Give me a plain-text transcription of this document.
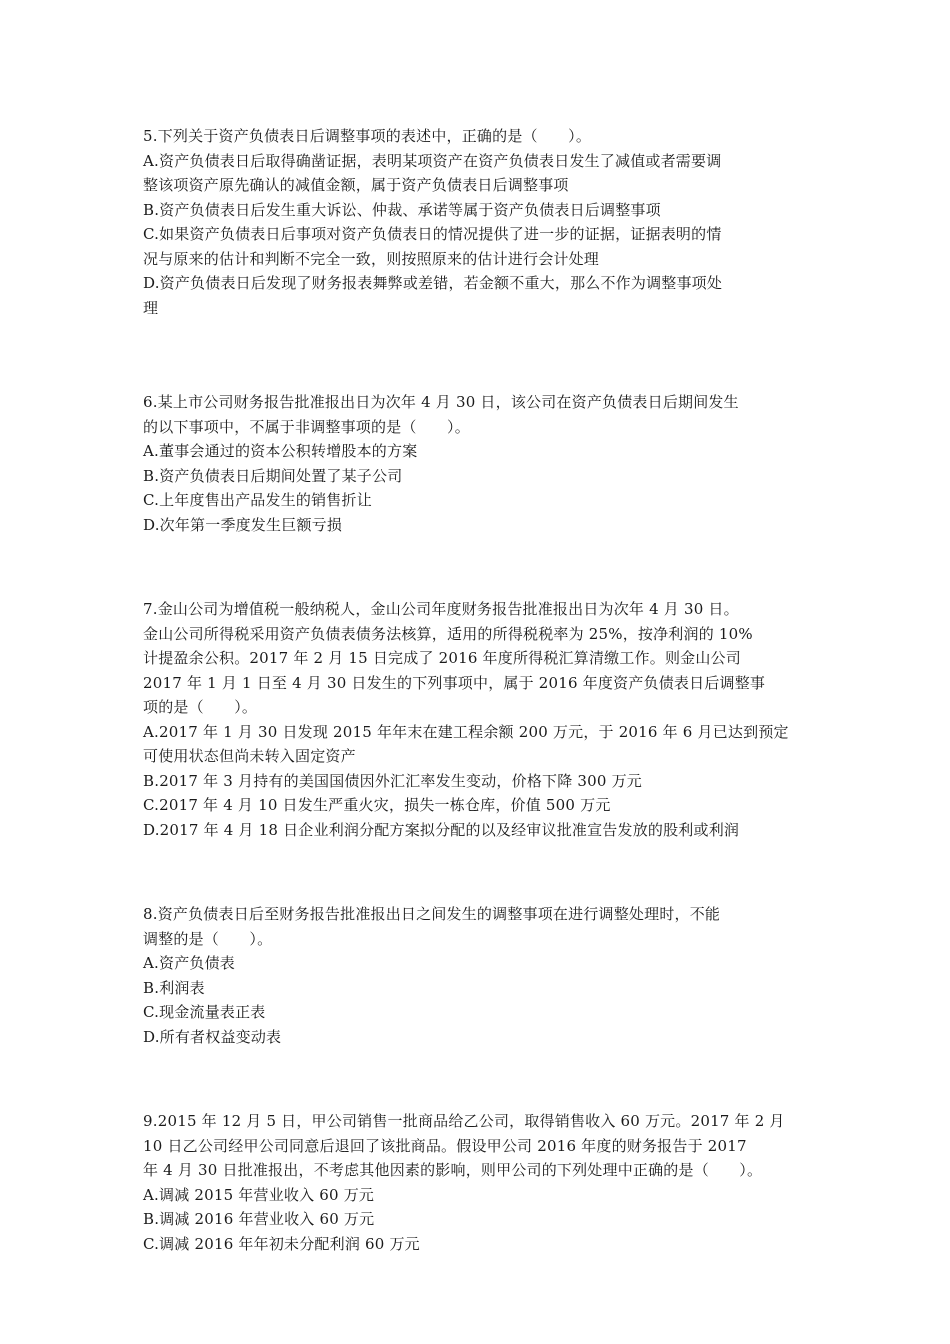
5.下列关于资产负债表日后调整事项的表述中，正确的是（　　）。
A.资产负债表日后取得确凿证据，表明某项资产在资产负债表日发生了减值或者需要调
整该项资产原先确认的减值金额，属于资产负债表日后调整事项
B.资产负债表日后发生重大诉讼、仲裁、承诺等属于资产负债表日后调整事项
C.如果资产负债表日后事项对资产负债表日的情况提供了进一步的证据，证据表明的情
况与原来的估计和判断不完全一致，则按照原来的估计进行会计处理
D.资产负债表日后发现了财务报表舞弊或差错，若金额不重大，那么不作为调整事项处
理
6.某上市公司财务报告批准报出日为次年 4 月 30 日，该公司在资产负债表日后期间发生
的以下事项中，不属于非调整事项的是（　　）。
A.董事会通过的资本公积转增股本的方案
B.资产负债表日后期间处置了某子公司
C.上年度售出产品发生的销售折让
D.次年第一季度发生巨额亏损
7.金山公司为增值税一般纳税人，金山公司年度财务报告批准报出日为次年 4 月 30 日。
金山公司所得税采用资产负债表债务法核算，适用的所得税税率为 25%，按净利润的 10%
计提盈余公积。2017 年 2 月 15 日完成了 2016 年度所得税汇算清缴工作。则金山公司
2017 年 1 月 1 日至 4 月 30 日发生的下列事项中，属于 2016 年度资产负债表日后调整事
项的是（　　）。
A.2017 年 1 月 30 日发现 2015 年年末在建工程余额 200 万元，于 2016 年 6 月已达到预定
可使用状态但尚未转入固定资产
B.2017 年 3 月持有的美国国债因外汇汇率发生变动，价格下降 300 万元
C.2017 年 4 月 10 日发生严重火灾，损失一栋仓库，价值 500 万元
D.2017 年 4 月 18 日企业利润分配方案拟分配的以及经审议批准宣告发放的股利或利润
8.资产负债表日后至财务报告批准报出日之间发生的调整事项在进行调整处理时，不能
调整的是（　　）。
A.资产负债表
B.利润表
C.现金流量表正表
D.所有者权益变动表
9.2015 年 12 月 5 日，甲公司销售一批商品给乙公司，取得销售收入 60 万元。2017 年 2 月
10 日乙公司经甲公司同意后退回了该批商品。假设甲公司 2016 年度的财务报告于 2017
年 4 月 30 日批准报出，不考虑其他因素的影响，则甲公司的下列处理中正确的是（　　）。
A.调减 2015 年营业收入 60 万元
B.调减 2016 年营业收入 60 万元
C.调减 2016 年年初未分配利润 60 万元
